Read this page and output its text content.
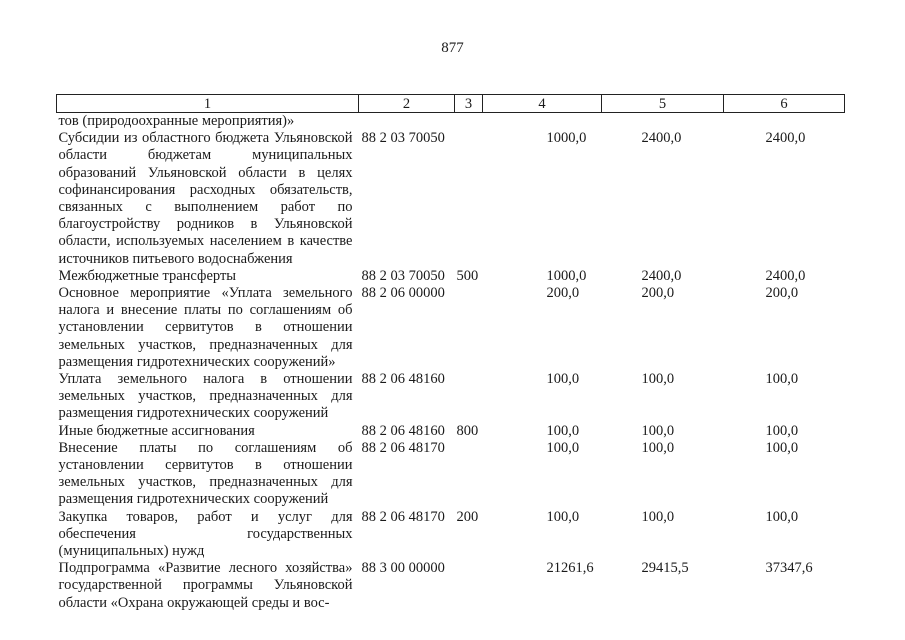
877
1	2	3	4	5	6
тов (природоохранные мероприятия)»					
Субсидии из областного бюджета Ульяновской области бюджетам муниципальных образований Ульяновской области в целях софинансирования расходных обязательств, связанных с выполнением работ по благоустройству родников в Ульяновской области, используемых населением в качестве источников питьевого водоснабжения	88 2 03 70050		1000,0	2400,0	2400,0
Межбюджетные трансферты	88 2 03 70050	500	1000,0	2400,0	2400,0
Основное мероприятие «Уплата земельного налога и внесение платы по соглашениям об установлении сервитутов в отношении земельных участков, предназначенных для размещения гидротехнических сооружений»	88 2 06 00000		200,0	200,0	200,0
Уплата земельного налога в отношении земельных участков, предназначенных для размещения гидротехнических сооружений	88 2 06 48160		100,0	100,0	100,0
Иные бюджетные ассигнования	88 2 06 48160	800	100,0	100,0	100,0
Внесение платы по соглашениям об установлении сервитутов в отношении земельных участков, предназначенных для размещения гидротехнических сооружений	88 2 06 48170		100,0	100,0	100,0
Закупка товаров, работ и услуг для обеспечения государственных (муниципальных) нужд	88 2 06 48170	200	100,0	100,0	100,0
Подпрограмма «Развитие лесного хозяйства» государственной программы Ульяновской области «Охрана окружающей среды и вос-	88 3 00 00000		21261,6	29415,5	37347,6
